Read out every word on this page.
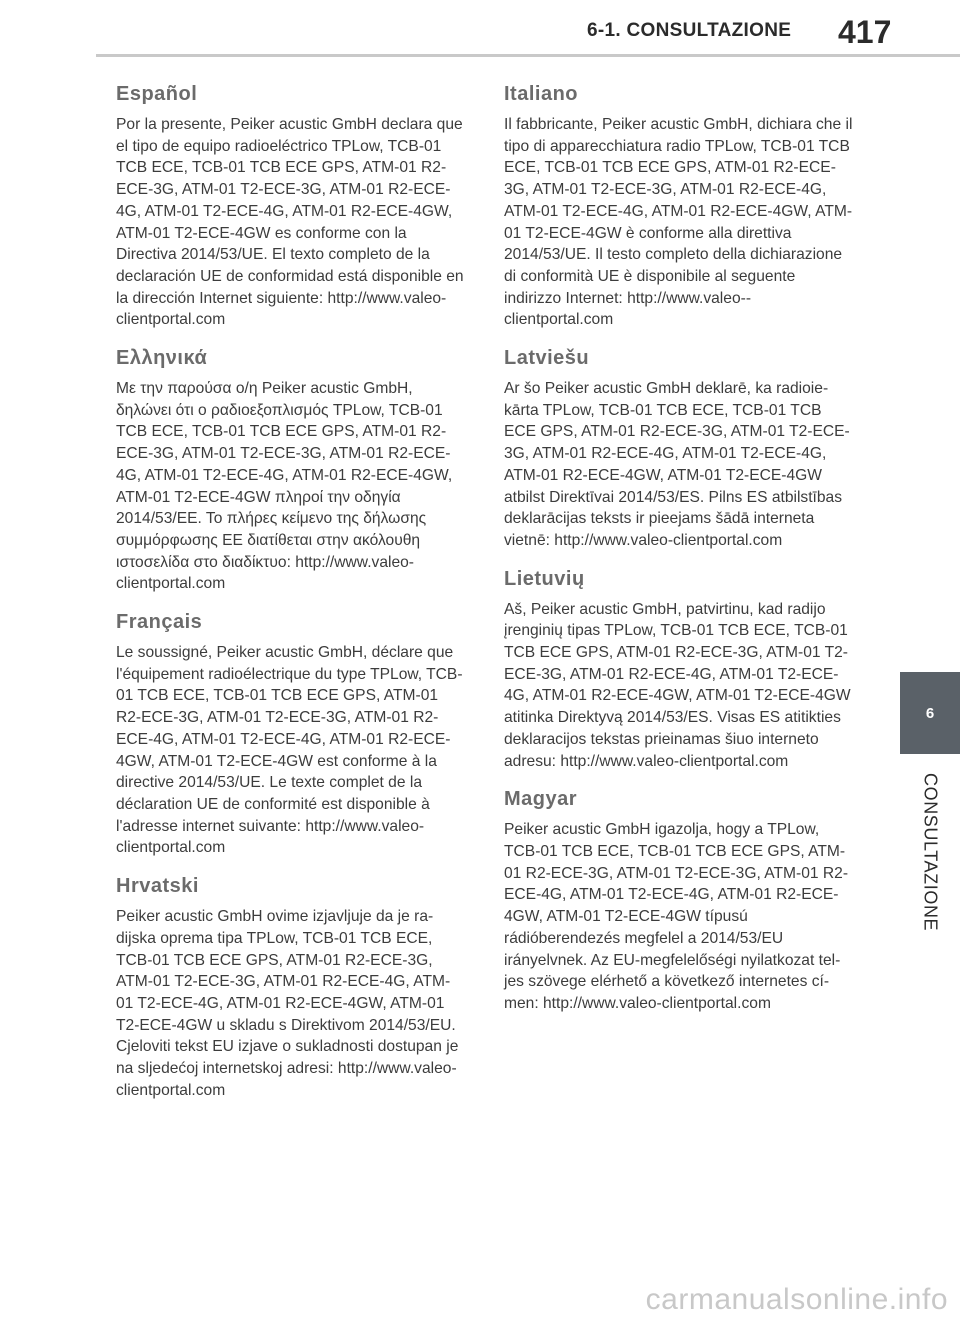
6-1. CONSULTAZIONE 417
Español

Por la presente, Peiker acustic GmbH declara que el tipo de equipo radioeléctrico TPLow, TCB-01 TCB ECE, TCB-01 TCB ECE GPS, ATM-01 R2-ECE-3G, ATM-01 T2-ECE-3G, ATM-01 R2-ECE-4G, ATM-01 T2-ECE-4G, ATM-01 R2-ECE-4GW, ATM-01 T2-ECE-4GW es conforme con la Directiva 2014/53/UE. El texto completo de la declaración UE de conformidad está disponible en la dirección Internet siguiente: http://www.valeo-clientportal.com

Ελληνικά

Με την παρούσα ο/η Peiker acustic GmbH, δηλώνει ότι ο ραδιοεξοπλισμός TPLow, TCB-01 TCB ECE, TCB-01 TCB ECE GPS, ATM-01 R2-ECE-3G, ATM-01 T2-ECE-3G, ATM-01 R2-ECE-4G, ATM-01 T2-ECE-4G, ATM-01 R2-ECE-4GW, ATM-01 T2-ECE-4GW πληροί την οδηγία 2014/53/ΕΕ. Το πλήρες κείμενο της δήλωσης συμμόρφωσης ΕΕ διατίθεται στην ακόλουθη ιστοσελίδα στο διαδίκτυο: http://www.valeo-clientportal.com

Français

Le soussigné, Peiker acustic GmbH, déclare que l'équipement radioélectrique du type TPLow, TCB-01 TCB ECE, TCB-01 TCB ECE GPS, ATM-01 R2-ECE-3G, ATM-01 T2-ECE-3G, ATM-01 R2-ECE-4G, ATM-01 T2-ECE-4G, ATM-01 R2-ECE-4GW, ATM-01 T2-ECE-4GW est conforme à la directive 2014/53/UE. Le texte complet de la déclaration UE de conformité est disponible à l'adresse internet suivante: http://www.valeo-clientportal.com

Hrvatski

Peiker acustic GmbH ovime izjavljuje da je radijska oprema tipa TPLow, TCB-01 TCB ECE, TCB-01 TCB ECE GPS, ATM-01 R2-ECE-3G, ATM-01 T2-ECE-3G, ATM-01 R2-ECE-4G, ATM-01 T2-ECE-4G, ATM-01 R2-ECE-4GW, ATM-01 T2-ECE-4GW u skladu s Direktivom 2014/53/EU. Cjeloviti tekst EU izjave o sukladnosti dostupan je na sljedećoj internetskoj adresi: http://www.valeo-clientportal.com

Italiano

Il fabbricante, Peiker acustic GmbH, dichiara che il tipo di apparecchiatura radio TPLow, TCB-01 TCB ECE, TCB-01 TCB ECE GPS, ATM-01 R2-ECE-3G, ATM-01 T2-ECE-3G, ATM-01 R2-ECE-4G, ATM-01 T2-ECE-4G, ATM-01 R2-ECE-4GW, ATM-01 T2-ECE-4GW è conforme alla direttiva 2014/53/UE. Il testo completo della dichiarazione di conformità UE è disponibile al seguente indirizzo Internet: http://www.valeo-clientportal.com

Latviešu

Ar šo Peiker acustic GmbH deklarē, ka radioiekārta TPLow, TCB-01 TCB ECE, TCB-01 TCB ECE GPS, ATM-01 R2-ECE-3G, ATM-01 T2-ECE-3G, ATM-01 R2-ECE-4G, ATM-01 T2-ECE-4G, ATM-01 R2-ECE-4GW, ATM-01 T2-ECE-4GW atbilst Direktīvai 2014/53/ES. Pilns ES atbilstības deklarācijas teksts ir pieejams šādā interneta vietnē: http://www.valeo-clientportal.com

Lietuvių

Aš, Peiker acustic GmbH, patvirtinu, kad radijo įrenginių tipas TPLow, TCB-01 TCB ECE, TCB-01 TCB ECE GPS, ATM-01 R2-ECE-3G, ATM-01 T2-ECE-3G, ATM-01 R2-ECE-4G, ATM-01 T2-ECE-4G, ATM-01 R2-ECE-4GW, ATM-01 T2-ECE-4GW atitinka Direktyvą 2014/53/ES. Visas ES atitikties deklaracijos tekstas prieinamas šiuo interneto adresu: http://www.valeo-clientportal.com

Magyar

Peiker acustic GmbH igazolja, hogy a TPLow, TCB-01 TCB ECE, TCB-01 TCB ECE GPS, ATM-01 R2-ECE-3G, ATM-01 T2-ECE-3G, ATM-01 R2-ECE-4G, ATM-01 T2-ECE-4G, ATM-01 R2-ECE-4GW, ATM-01 T2-ECE-4GW típusú rádióberendezés megfelel a 2014/53/EU irányelvnek. Az EU-megfelelőségi nyilatkozat teljes szövege elérhető a következő internetes címen: http://www.valeo-clientportal.com

6
CONSULTAZIONE
carmanualsonline.info
